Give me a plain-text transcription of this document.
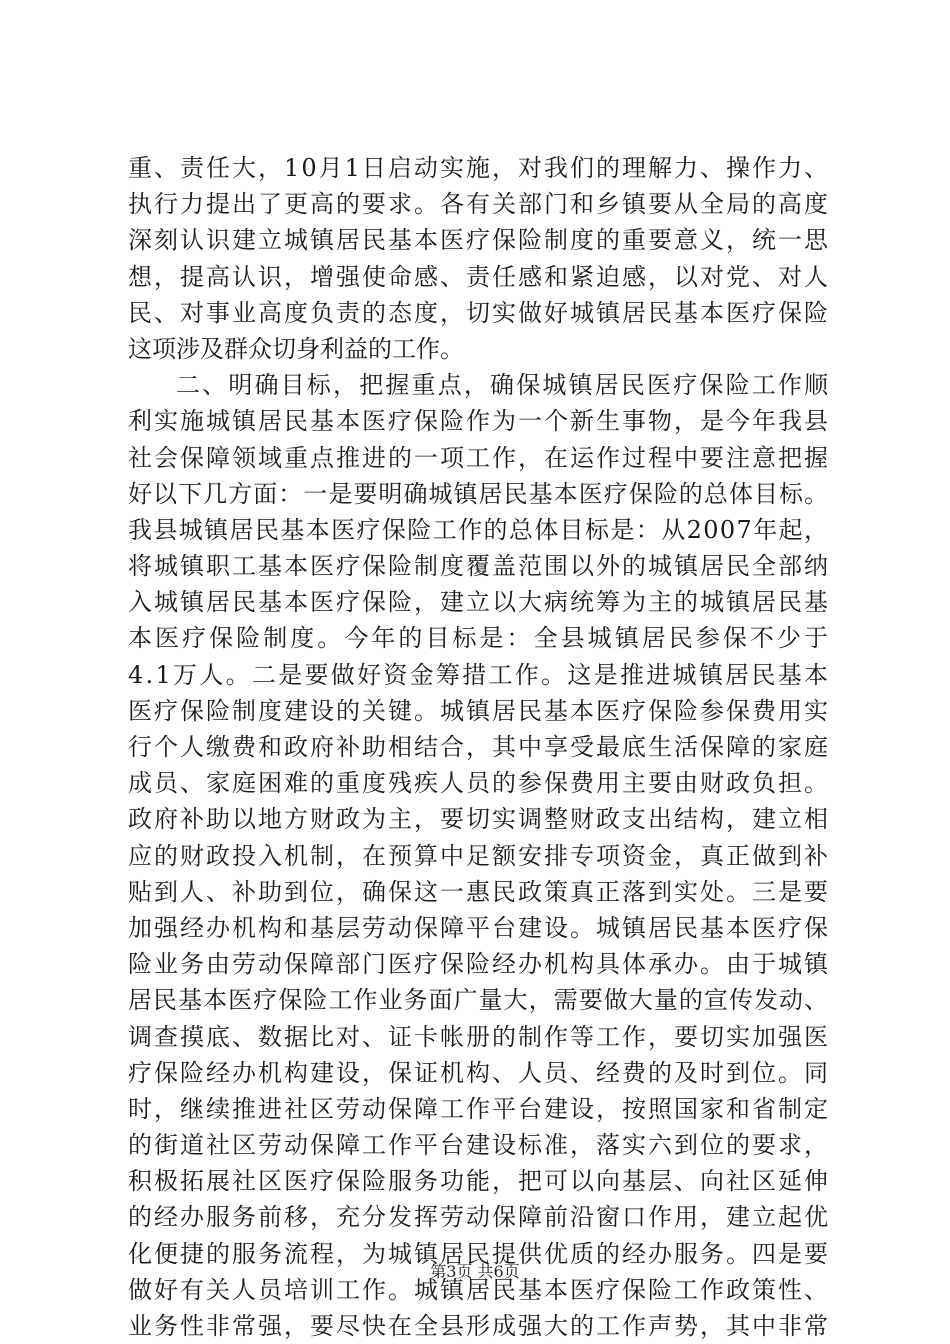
重、责任大，10月1日启动实施，对我们的理解力、操作力、
执行力提出了更高的要求。各有关部门和乡镇要从全局的高度
深刻认识建立城镇居民基本医疗保险制度的重要意义，统一思
想，提高认识，增强使命感、责任感和紧迫感，以对党、对人
民、对事业高度负责的态度，切实做好城镇居民基本医疗保险
这项涉及群众切身利益的工作。
二、明确目标，把握重点，确保城镇居民医疗保险工作顺
利实施城镇居民基本医疗保险作为一个新生事物，是今年我县
社会保障领域重点推进的一项工作，在运作过程中要注意把握
好以下几方面：一是要明确城镇居民基本医疗保险的总体目标。
我县城镇居民基本医疗保险工作的总体目标是：从2007年起，
将城镇职工基本医疗保险制度覆盖范围以外的城镇居民全部纳
入城镇居民基本医疗保险，建立以大病统筹为主的城镇居民基
本医疗保险制度。今年的目标是：全县城镇居民参保不少于
4.1万人。二是要做好资金筹措工作。这是推进城镇居民基本
医疗保险制度建设的关键。城镇居民基本医疗保险参保费用实
行个人缴费和政府补助相结合，其中享受最底生活保障的家庭
成员、家庭困难的重度残疾人员的参保费用主要由财政负担。
政府补助以地方财政为主，要切实调整财政支出结构，建立相
应的财政投入机制，在预算中足额安排专项资金，真正做到补
贴到人、补助到位，确保这一惠民政策真正落到实处。三是要
加强经办机构和基层劳动保障平台建设。城镇居民基本医疗保
险业务由劳动保障部门医疗保险经办机构具体承办。由于城镇
居民基本医疗保险工作业务面广量大，需要做大量的宣传发动、
调查摸底、数据比对、证卡帐册的制作等工作，要切实加强医
疗保险经办机构建设，保证机构、人员、经费的及时到位。同
时，继续推进社区劳动保障工作平台建设，按照国家和省制定
的街道社区劳动保障工作平台建设标准，落实六到位的要求，
积极拓展社区医疗保险服务功能，把可以向基层、向社区延伸
的经办服务前移，充分发挥劳动保障前沿窗口作用，建立起优
化便捷的服务流程，为城镇居民提供优质的经办服务。四是要
做好有关人员培训工作。城镇居民基本医疗保险工作政策性、
业务性非常强，要尽快在全县形成强大的工作声势，其中非常
第3页 共6页
